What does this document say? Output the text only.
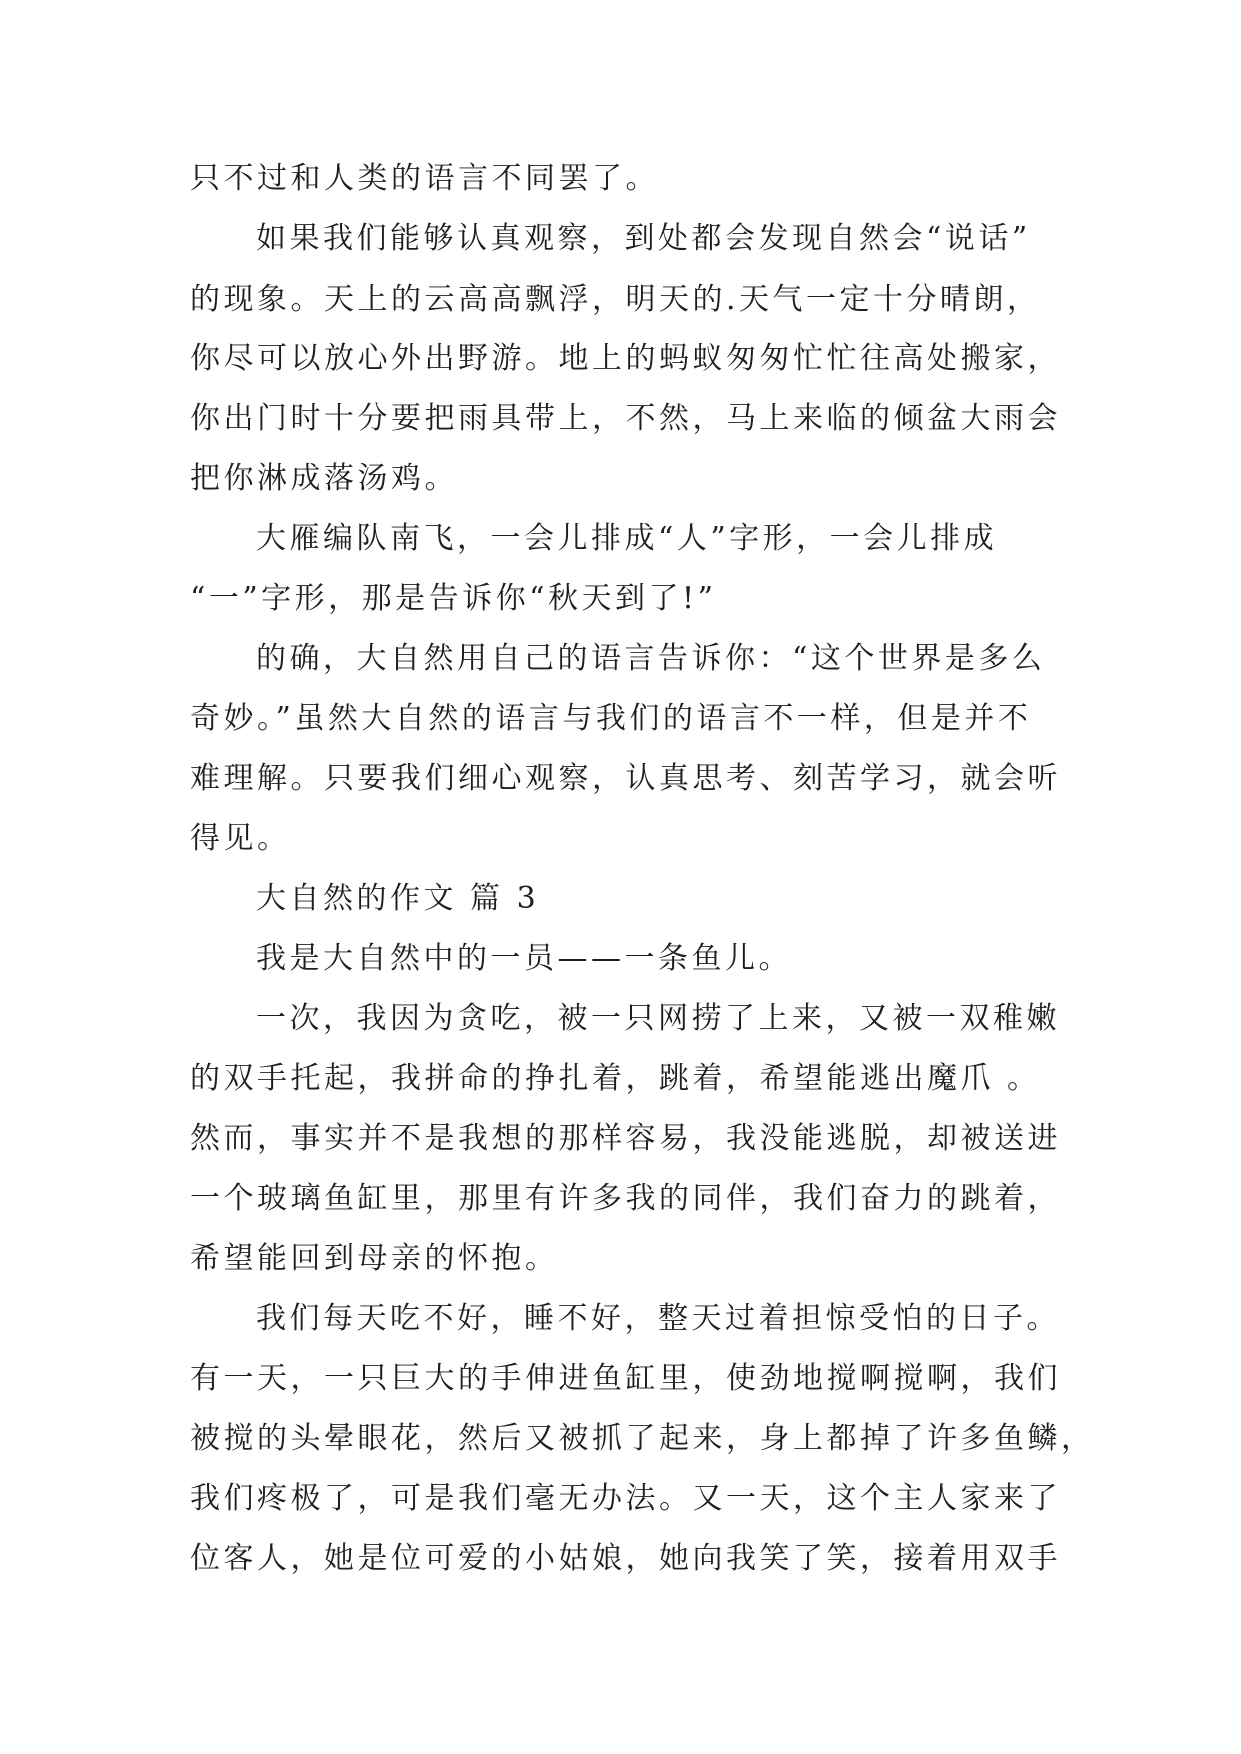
只不过和人类的语言不同罢了。
如果我们能够认真观察，到处都会发现自然会“说话”
的现象。天上的云高高飘浮，明天的.天气一定十分晴朗，
你尽可以放心外出野游。地上的蚂蚁匆匆忙忙往高处搬家，
你出门时十分要把雨具带上，不然，马上来临的倾盆大雨会
把你淋成落汤鸡。
大雁编队南飞，一会儿排成“人”字形，一会儿排成
“一”字形，那是告诉你“秋天到了!”
的确，大自然用自己的语言告诉你：“这个世界是多么
奇妙。”虽然大自然的语言与我们的语言不一样，但是并不
难理解。只要我们细心观察，认真思考、刻苦学习，就会听
得见。
大自然的作文 篇 3
我是大自然中的一员——一条鱼儿。
一次，我因为贪吃，被一只网捞了上来，又被一双稚嫩
的双手托起，我拼命的挣扎着，跳着，希望能逃出魔爪 。
然而，事实并不是我想的那样容易，我没能逃脱，却被送进
一个玻璃鱼缸里，那里有许多我的同伴，我们奋力的跳着，
希望能回到母亲的怀抱。
我们每天吃不好，睡不好，整天过着担惊受怕的日子。
有一天，一只巨大的手伸进鱼缸里，使劲地搅啊搅啊，我们
被搅的头晕眼花，然后又被抓了起来，身上都掉了许多鱼鳞，
我们疼极了，可是我们毫无办法。又一天，这个主人家来了
位客人，她是位可爱的小姑娘，她向我笑了笑，接着用双手
